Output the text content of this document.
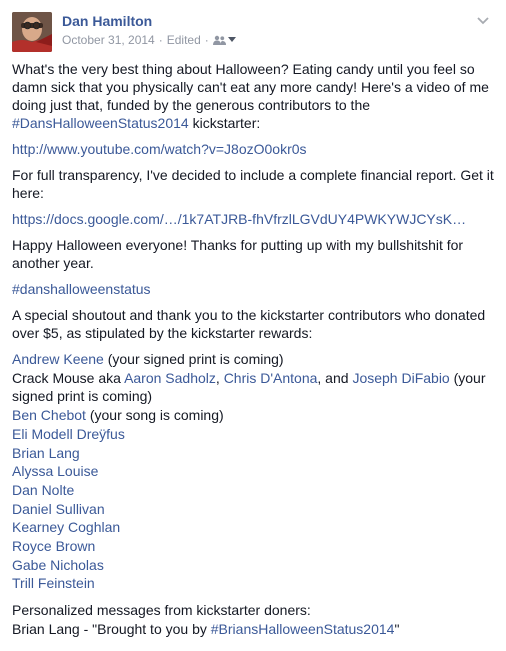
Dan Hamilton
October 31, 2014 · Edited ·

What's the very best thing about Halloween? Eating candy until you feel so damn sick that you physically can't eat any more candy! Here's a video of me doing just that, funded by the generous contributors to the #DansHalloweenStatus2014 kickstarter:

http://www.youtube.com/watch?v=J8ozO0okr0s

For full transparency, I've decided to include a complete financial report. Get it here:

https://docs.google.com/…/1k7ATJRB-fhVfrzlLGVdUY4PWKYWJCYsK…

Happy Halloween everyone! Thanks for putting up with my bullshitshit for another year.

#danshalloweenstatus

A special shoutout and thank you to the kickstarter contributors who donated over $5, as stipulated by the kickstarter rewards:

Andrew Keene (your signed print is coming)
Crack Mouse aka Aaron Sadholz, Chris D'Antona, and Joseph DiFabio (your signed print is coming)
Ben Chebot (your song is coming)
Eli Modell Dreÿfus
Brian Lang
Alyssa Louise
Dan Nolte
Daniel Sullivan
Kearney Coghlan
Royce Brown
Gabe Nicholas
Trill Feinstein
Personalized messages from kickstarter doners:
Brian Lang - "Brought to you by #BriansHalloweenStatus2014"
